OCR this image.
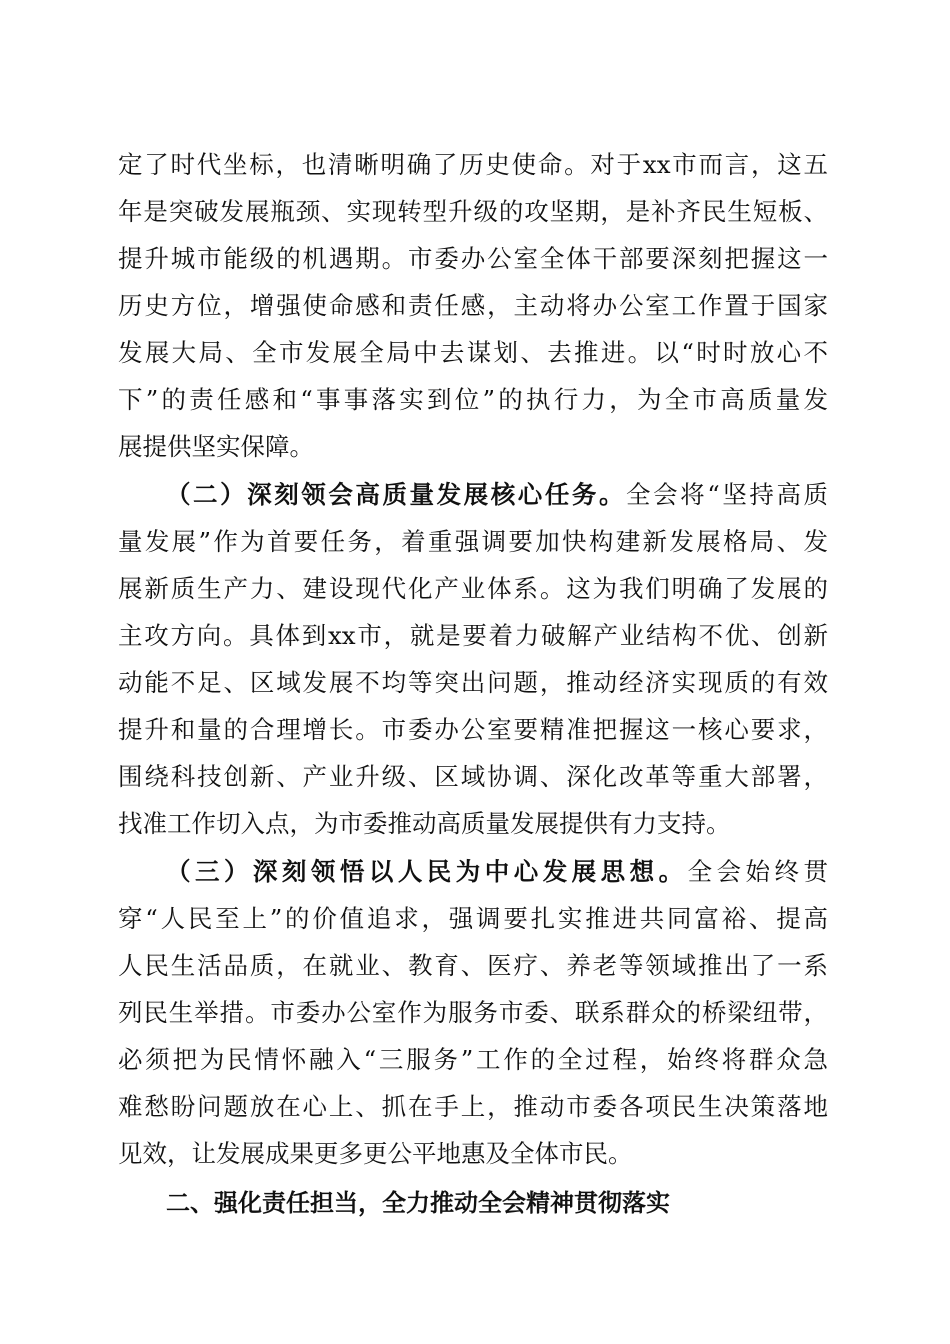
定了时代坐标，也清晰明确了历史使命。对于xx市而言，这五
年是突破发展瓶颈、实现转型升级的攻坚期，是补齐民生短板、
提升城市能级的机遇期。市委办公室全体干部要深刻把握这一
历史方位，增强使命感和责任感，主动将办公室工作置于国家
发展大局、全市发展全局中去谋划、去推进。以“时时放心不
下”的责任感和“事事落实到位”的执行力，为全市高质量发
展提供坚实保障。
（二）深刻领会高质量发展核心任务。全会将“坚持高质
量发展”作为首要任务，着重强调要加快构建新发展格局、发
展新质生产力、建设现代化产业体系。这为我们明确了发展的
主攻方向。具体到xx市，就是要着力破解产业结构不优、创新
动能不足、区域发展不均等突出问题，推动经济实现质的有效
提升和量的合理增长。市委办公室要精准把握这一核心要求，
围绕科技创新、产业升级、区域协调、深化改革等重大部署，
找准工作切入点，为市委推动高质量发展提供有力支持。
（三）深刻领悟以人民为中心发展思想。全会始终贯
穿“人民至上”的价值追求，强调要扎实推进共同富裕、提高
人民生活品质，在就业、教育、医疗、养老等领域推出了一系
列民生举措。市委办公室作为服务市委、联系群众的桥梁纽带，
必须把为民情怀融入“三服务”工作的全过程，始终将群众急
难愁盼问题放在心上、抓在手上，推动市委各项民生决策落地
见效，让发展成果更多更公平地惠及全体市民。
二、强化责任担当，全力推动全会精神贯彻落实
